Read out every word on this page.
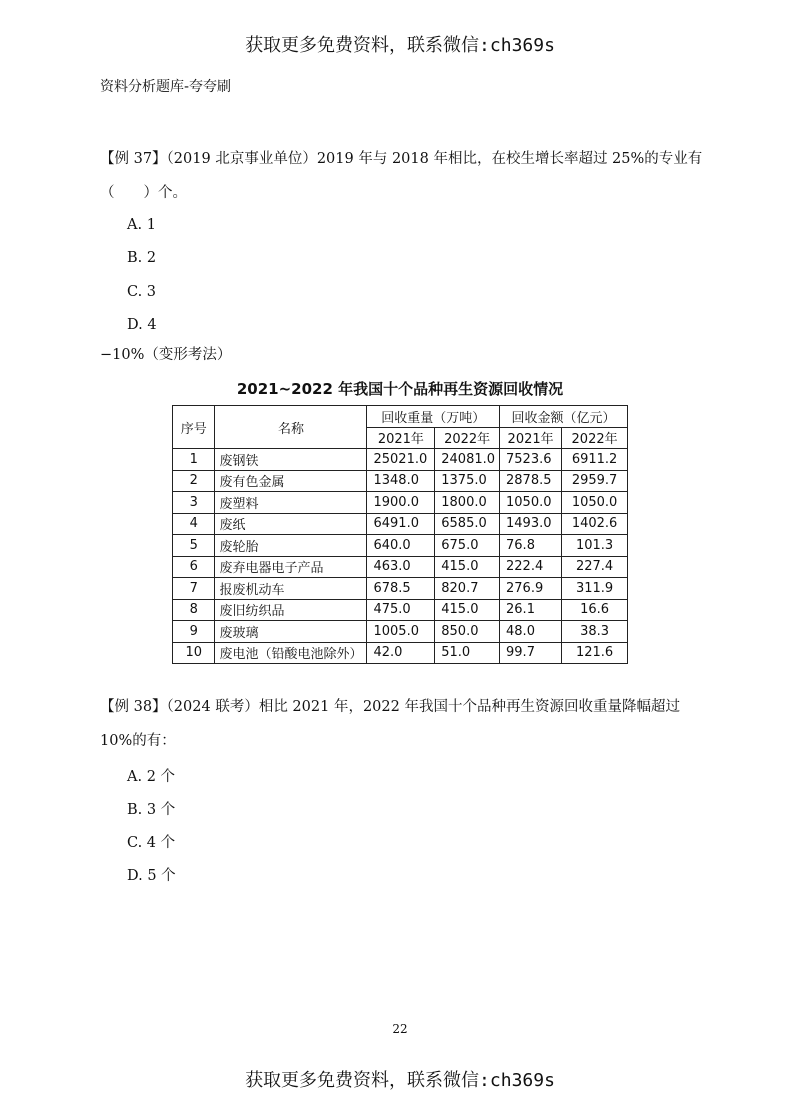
获取更多免费资料，联系微信:ch369s
资料分析题库-夸夸刷
【例 37】（2019 北京事业单位）2019 年与 2018 年相比，在校生增长率超过 25%的专业有
（　　）个。
A. 1
B. 2
C. 3
D. 4
−10%（变形考法）
2021~2022 年我国十个品种再生资源回收情况
序号	名称	回收重量（万吨）		回收金额（亿元）	
		2021年	2022年	2021年	2022年
1	废钢铁	25021.0	24081.0	7523.6	6911.2
2	废有色金属	1348.0	1375.0	2878.5	2959.7
3	废塑料	1900.0	1800.0	1050.0	1050.0
4	废纸	6491.0	6585.0	1493.0	1402.6
5	废轮胎	640.0	675.0	76.8	101.3
6	废弃电器电子产品	463.0	415.0	222.4	227.4
7	报废机动车	678.5	820.7	276.9	311.9
8	废旧纺织品	475.0	415.0	26.1	16.6
9	废玻璃	1005.0	850.0	48.0	38.3
10	废电池（铅酸电池除外）	42.0	51.0	99.7	121.6
【例 38】（2024 联考）相比 2021 年，2022 年我国十个品种再生资源回收重量降幅超过
10%的有：
A. 2 个
B. 3 个
C. 4 个
D. 5 个
22
获取更多免费资料，联系微信:ch369s
